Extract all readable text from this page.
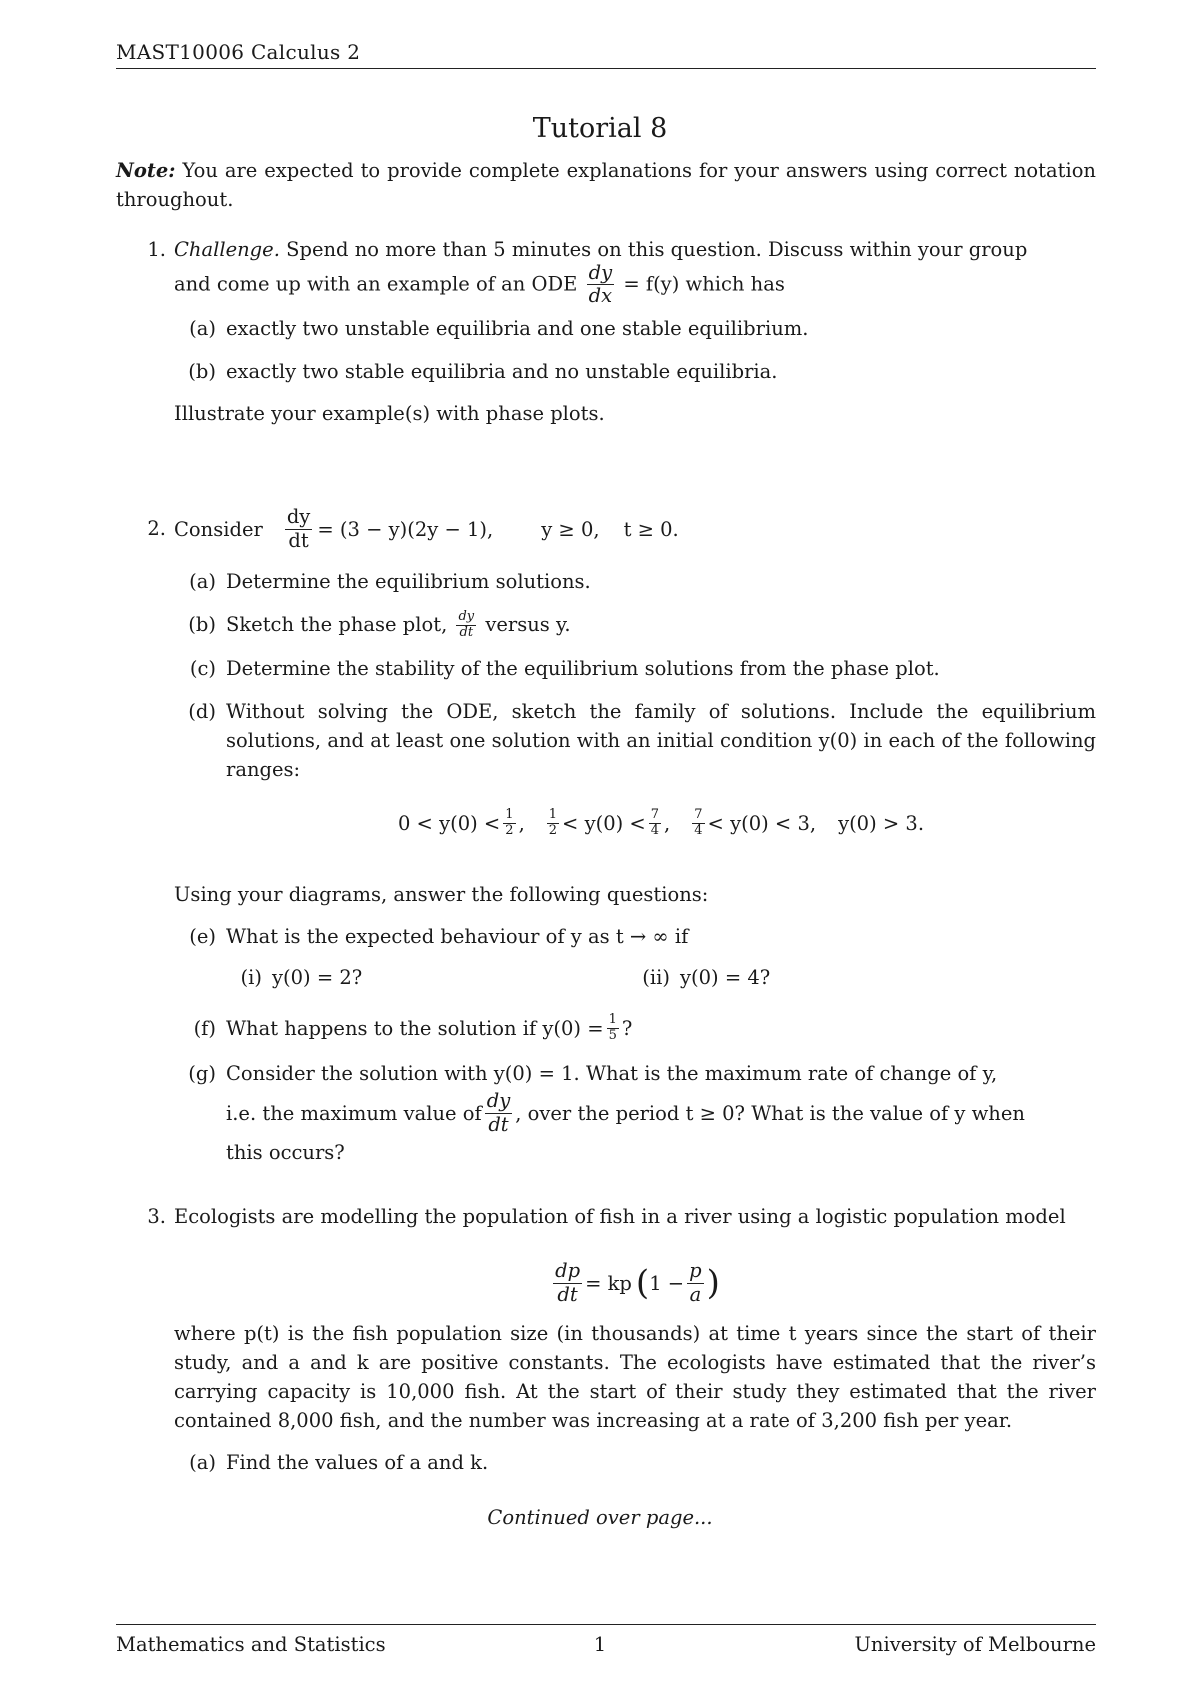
MAST10006 Calculus 2
Tutorial 8
Note: You are expected to provide complete explanations for your answers using correct notation throughout.
1. Challenge. Spend no more than 5 minutes on this question. Discuss within your group
and come up with an example of an ODE $\frac{dy}{dx} = f(y)$ which has
(a) exactly two unstable equilibria and one stable equilibrium.
(b) exactly two stable equilibria and no unstable equilibria.
Illustrate your example(s) with phase plots.
2. Consider $\frac{dy}{dt} = (3 - y)(2y - 1)$, y ≥ 0, t ≥ 0.
(a) Determine the equilibrium solutions.
(b) Sketch the phase plot, $\frac{dy}{dt}$ versus y.
(c) Determine the stability of the equilibrium solutions from the phase plot.
(d) Without solving the ODE, sketch the family of solutions. Include the equilibrium solutions, and at least one solution with an initial condition y(0) in each of the following ranges:
$0 < y(0) < \frac{1}{2}$ , $\frac{1}{2} < y(0) < \frac{7}{4}$ , $\frac{7}{4} < y(0) < 3$, y(0) > 3.
Using your diagrams, answer the following questions:
(e) What is the expected behaviour of y as t → ∞ if
(i) y(0) = 2?	(ii) y(0) = 4?
(f) What happens to the solution if $y(0) = \frac{1}{5}$ ?
(g) Consider the solution with y(0) = 1. What is the maximum rate of change of y,
i.e. the maximum value of $\frac{dy}{dt}$ , over the period t ≥ 0? What is the value of y when
this occurs?
3. Ecologists are modelling the population of fish in a river using a logistic population model
$\frac{dp}{dt}$ = kp ( $1 - \frac{p}{a}$ )
where p(t) is the fish population size (in thousands) at time t years since the start of their study, and a and k are positive constants. The ecologists have estimated that the river’s carrying capacity is 10,000 fish. At the start of their study they estimated that the river contained 8,000 fish, and the number was increasing at a rate of 3,200 fish per year.
(a) Find the values of a and k.
Continued over page...
Mathematics and Statistics	1	University of Melbourne
